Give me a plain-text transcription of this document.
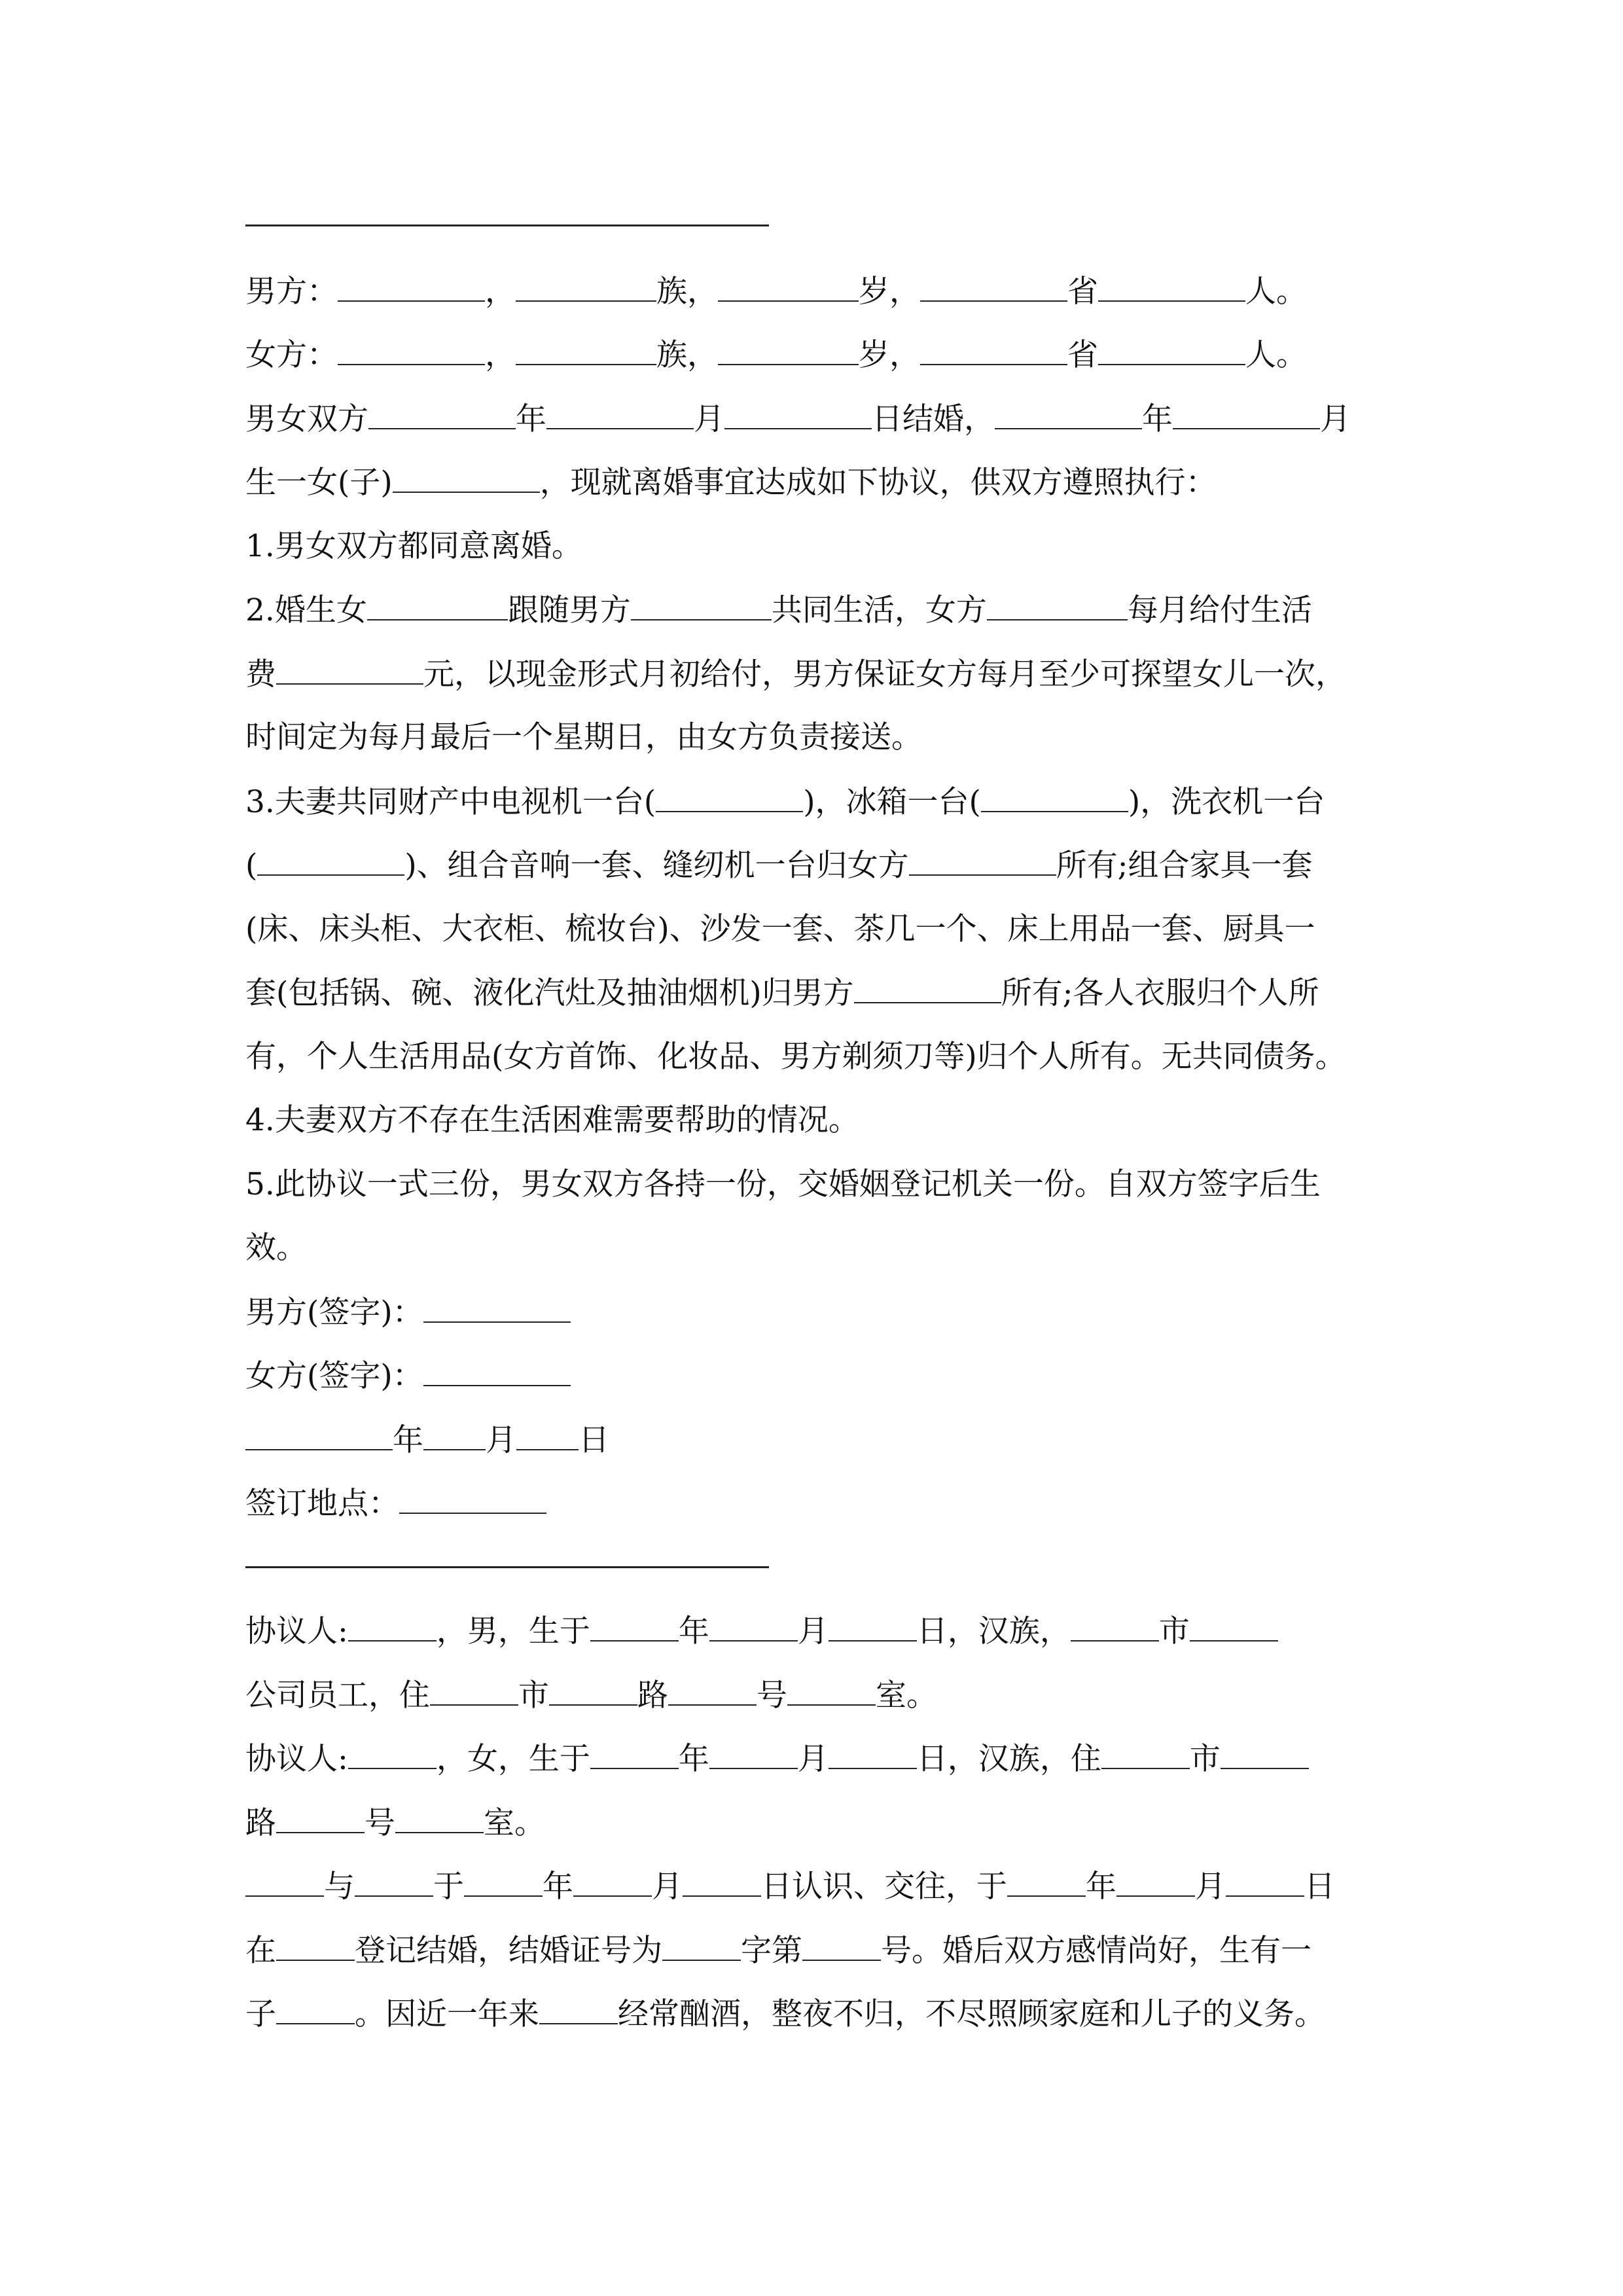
男方：	，	族，	岁，	省	人。
女方：	，	族，	岁，	省	人。
男女双方	年	月	日结婚，	年	月
生一女(子)	，现就离婚事宜达成如下协议，供双方遵照执行：
1.男女双方都同意离婚。
2.婚生女	跟随男方	共同生活，女方	每月给付生活
费	元，以现金形式月初给付，男方保证女方每月至少可探望女儿一次，
时间定为每月最后一个星期日，由女方负责接送。
3.夫妻共同财产中电视机一台(	)，冰箱一台(	)，洗衣机一台
(	)、组合音响一套、缝纫机一台归女方	所有;组合家具一套
(床、床头柜、大衣柜、梳妆台)、沙发一套、茶几一个、床上用品一套、厨具一
套(包括锅、碗、液化汽灶及抽油烟机)归男方	所有;各人衣服归个人所
有，个人生活用品(女方首饰、化妆品、男方剃须刀等)归个人所有。无共同债务。
4.夫妻双方不存在生活困难需要帮助的情况。
5.此协议一式三份，男女双方各持一份，交婚姻登记机关一份。自双方签字后生
效。
男方(签字)：
女方(签字)：
年 月 日
签订地点：
协议人:	，男，生于	年	月	日，汉族，	市
公司员工，住	市	路	号	室。
协议人:	，女，生于	年	月	日，汉族，住	市
路	号	室。
与	于	年	月	日认识、交往，于	年	月	日
在	登记结婚，结婚证号为	字第	号。婚后双方感情尚好，生有一
子	。因近一年来	经常酗酒，整夜不归，不尽照顾家庭和儿子的义务。
